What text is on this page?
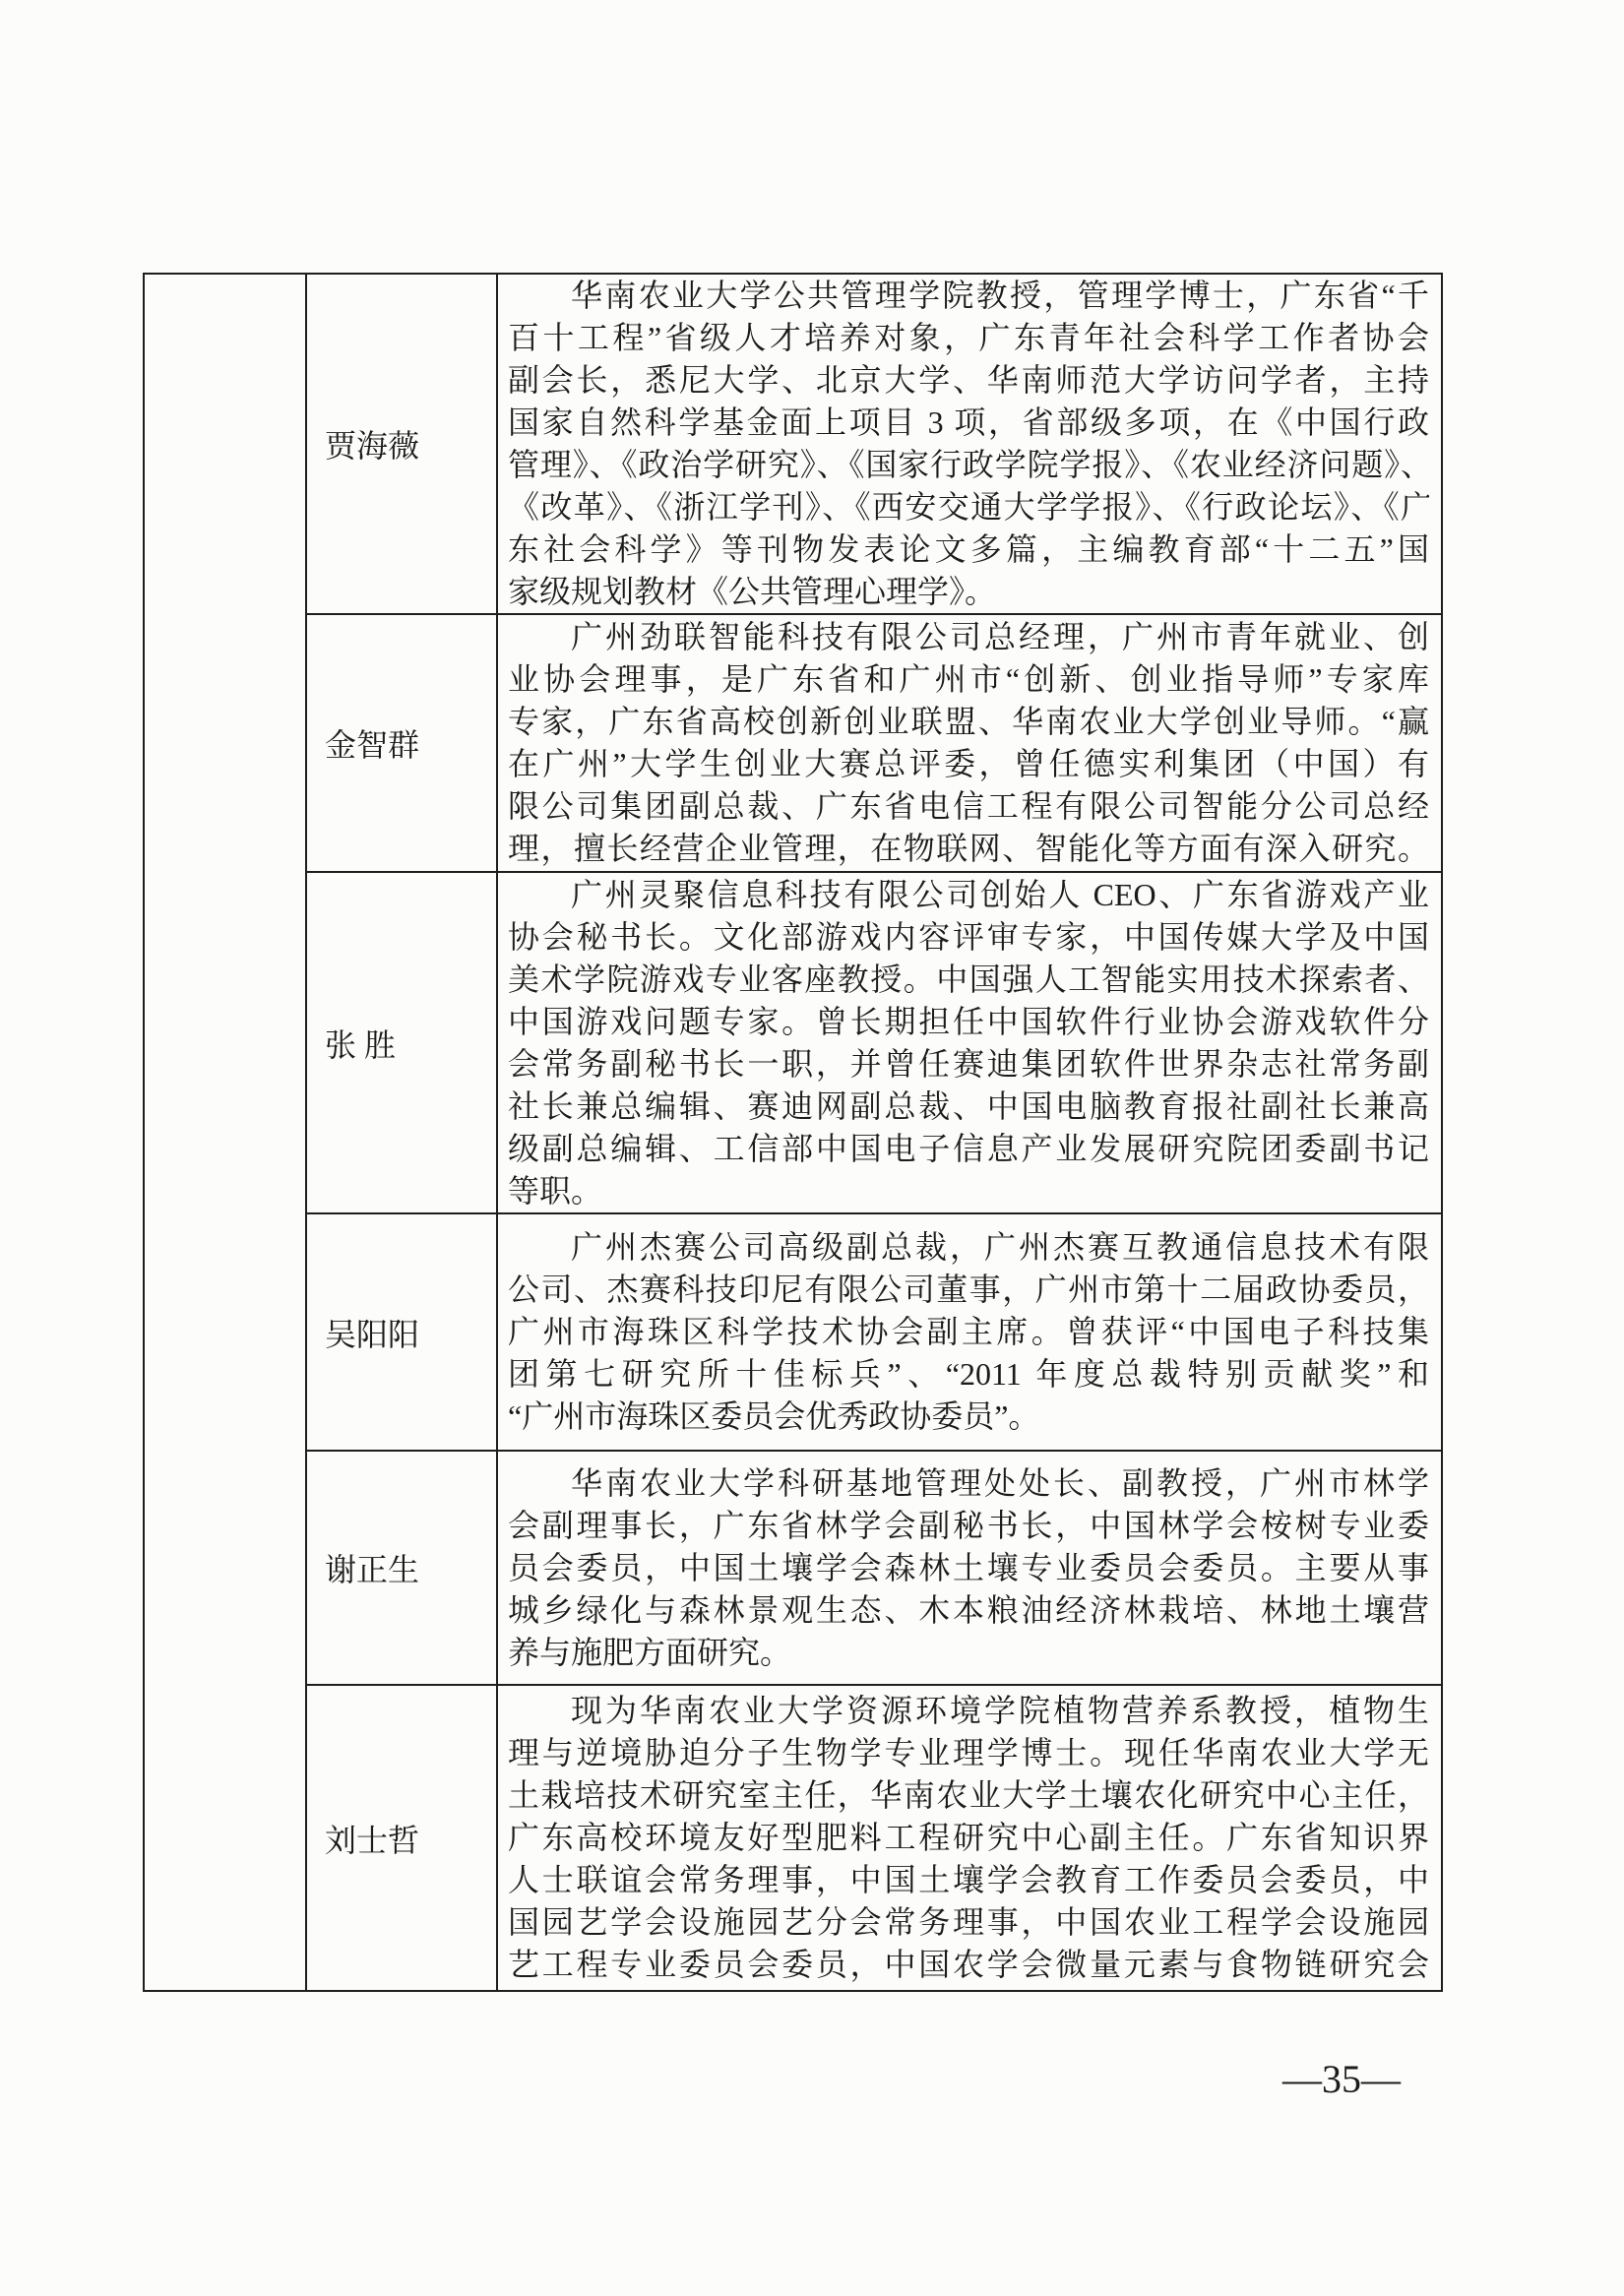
贾海薇
华南农业大学公共管理学院教授，管理学博士，广东省“千
百十工程”省级人才培养对象，广东青年社会科学工作者协会
副会长，悉尼大学、北京大学、华南师范大学访问学者，主持
国家自然科学基金面上项目 3 项，省部级多项，在《中国行政
管理》、《政治学研究》、《国家行政学院学报》、《农业经济问题》、
《改革》、《浙江学刊》、《西安交通大学学报》、《行政论坛》、《广
东社会科学》等刊物发表论文多篇，主编教育部“十二五”国
家级规划教材《公共管理心理学》。
金智群
广州劲联智能科技有限公司总经理，广州市青年就业、创
业协会理事，是广东省和广州市“创新、创业指导师”专家库
专家，广东省高校创新创业联盟、华南农业大学创业导师。“赢
在广州”大学生创业大赛总评委，曾任德实利集团（中国）有
限公司集团副总裁、广东省电信工程有限公司智能分公司总经
理，擅长经营企业管理，在物联网、智能化等方面有深入研究。
张 胜
广州灵聚信息科技有限公司创始人 CEO、广东省游戏产业
协会秘书长。文化部游戏内容评审专家，中国传媒大学及中国
美术学院游戏专业客座教授。中国强人工智能实用技术探索者、
中国游戏问题专家。曾长期担任中国软件行业协会游戏软件分
会常务副秘书长一职，并曾任赛迪集团软件世界杂志社常务副
社长兼总编辑、赛迪网副总裁、中国电脑教育报社副社长兼高
级副总编辑、工信部中国电子信息产业发展研究院团委副书记
等职。
吴阳阳
广州杰赛公司高级副总裁，广州杰赛互教通信息技术有限
公司、杰赛科技印尼有限公司董事，广州市第十二届政协委员，
广州市海珠区科学技术协会副主席。曾获评“中国电子科技集
团第七研究所十佳标兵”、“2011 年度总裁特别贡献奖”和
“广州市海珠区委员会优秀政协委员”。
谢正生
华南农业大学科研基地管理处处长、副教授，广州市林学
会副理事长，广东省林学会副秘书长，中国林学会桉树专业委
员会委员，中国土壤学会森林土壤专业委员会委员。主要从事
城乡绿化与森林景观生态、木本粮油经济林栽培、林地土壤营
养与施肥方面研究。
刘士哲
现为华南农业大学资源环境学院植物营养系教授，植物生
理与逆境胁迫分子生物学专业理学博士。现任华南农业大学无
土栽培技术研究室主任，华南农业大学土壤农化研究中心主任，
广东高校环境友好型肥料工程研究中心副主任。广东省知识界
人士联谊会常务理事，中国土壤学会教育工作委员会委员，中
国园艺学会设施园艺分会常务理事，中国农业工程学会设施园
艺工程专业委员会委员，中国农学会微量元素与食物链研究会
—35—
